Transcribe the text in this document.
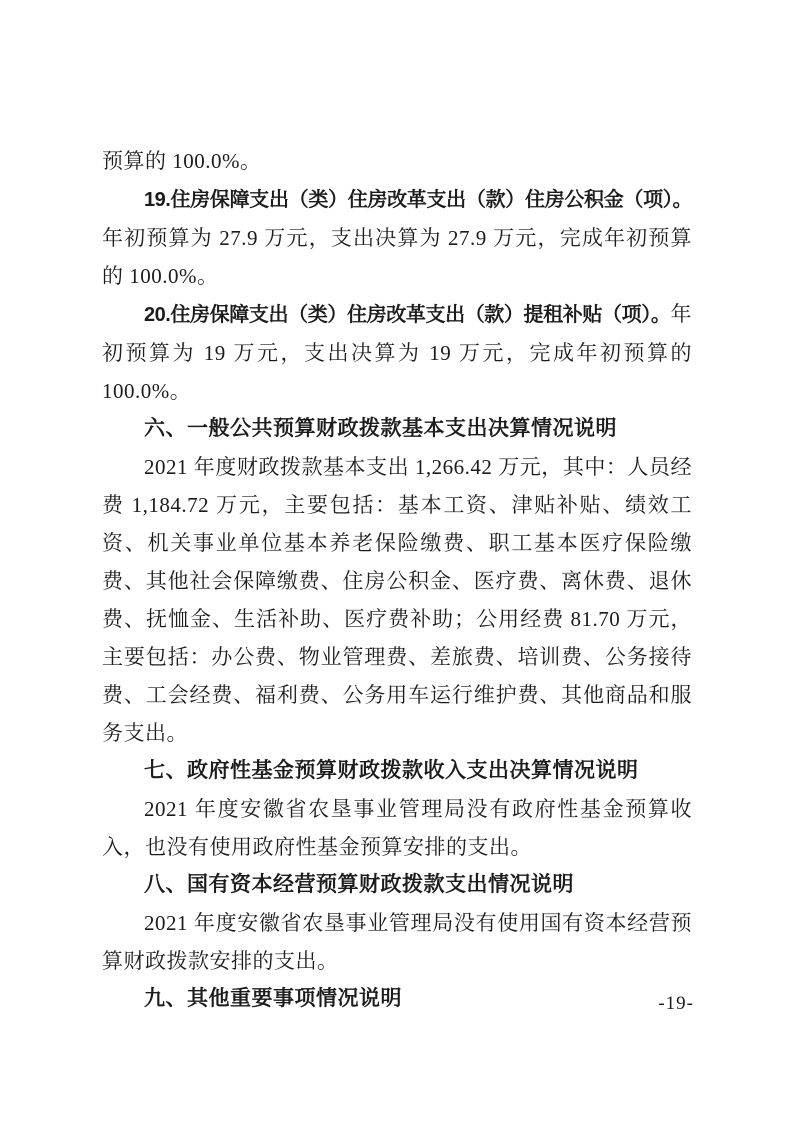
预算的 100.0%。

19.住房保障支出（类）住房改革支出（款）住房公积金（项）。年初预算为 27.9 万元，支出决算为 27.9 万元，完成年初预算的 100.0%。

20.住房保障支出（类）住房改革支出（款）提租补贴（项）。年初预算为 19 万元，支出决算为 19 万元，完成年初预算的 100.0%。

六、一般公共预算财政拨款基本支出决算情况说明

2021 年度财政拨款基本支出 1,266.42 万元，其中：人员经费 1,184.72 万元，主要包括：基本工资、津贴补贴、绩效工资、机关事业单位基本养老保险缴费、职工基本医疗保险缴费、其他社会保障缴费、住房公积金、医疗费、离休费、退休费、抚恤金、生活补助、医疗费补助；公用经费 81.70 万元，主要包括：办公费、物业管理费、差旅费、培训费、公务接待费、工会经费、福利费、公务用车运行维护费、其他商品和服务支出。

七、政府性基金预算财政拨款收入支出决算情况说明

2021 年度安徽省农垦事业管理局没有政府性基金预算收入，也没有使用政府性基金预算安排的支出。

八、国有资本经营预算财政拨款支出情况说明

2021 年度安徽省农垦事业管理局没有使用国有资本经营预算财政拨款安排的支出。

九、其他重要事项情况说明	-19-
